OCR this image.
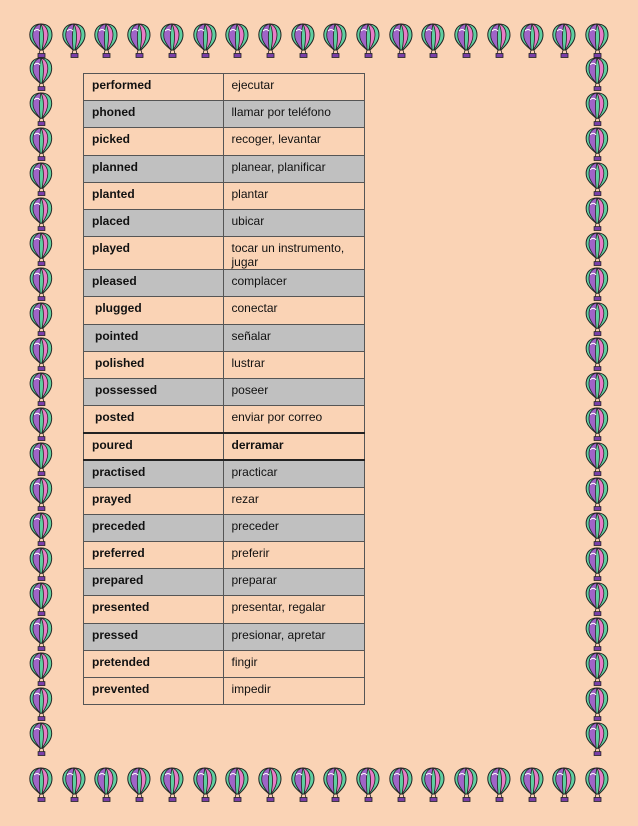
performed	ejecutar
phoned	llamar por teléfono
picked	recoger, levantar
planned	planear, planificar
planted	plantar
placed	ubicar
played	tocar un instrumento, jugar
pleased	complacer
plugged	conectar
pointed	señalar
polished	lustrar
possessed	poseer
posted	enviar por correo
poured	derramar
practised	practicar
prayed	rezar
preceded	preceder
preferred	preferir
prepared	preparar
presented	presentar, regalar
pressed	presionar, apretar
pretended	fingir
prevented	impedir
